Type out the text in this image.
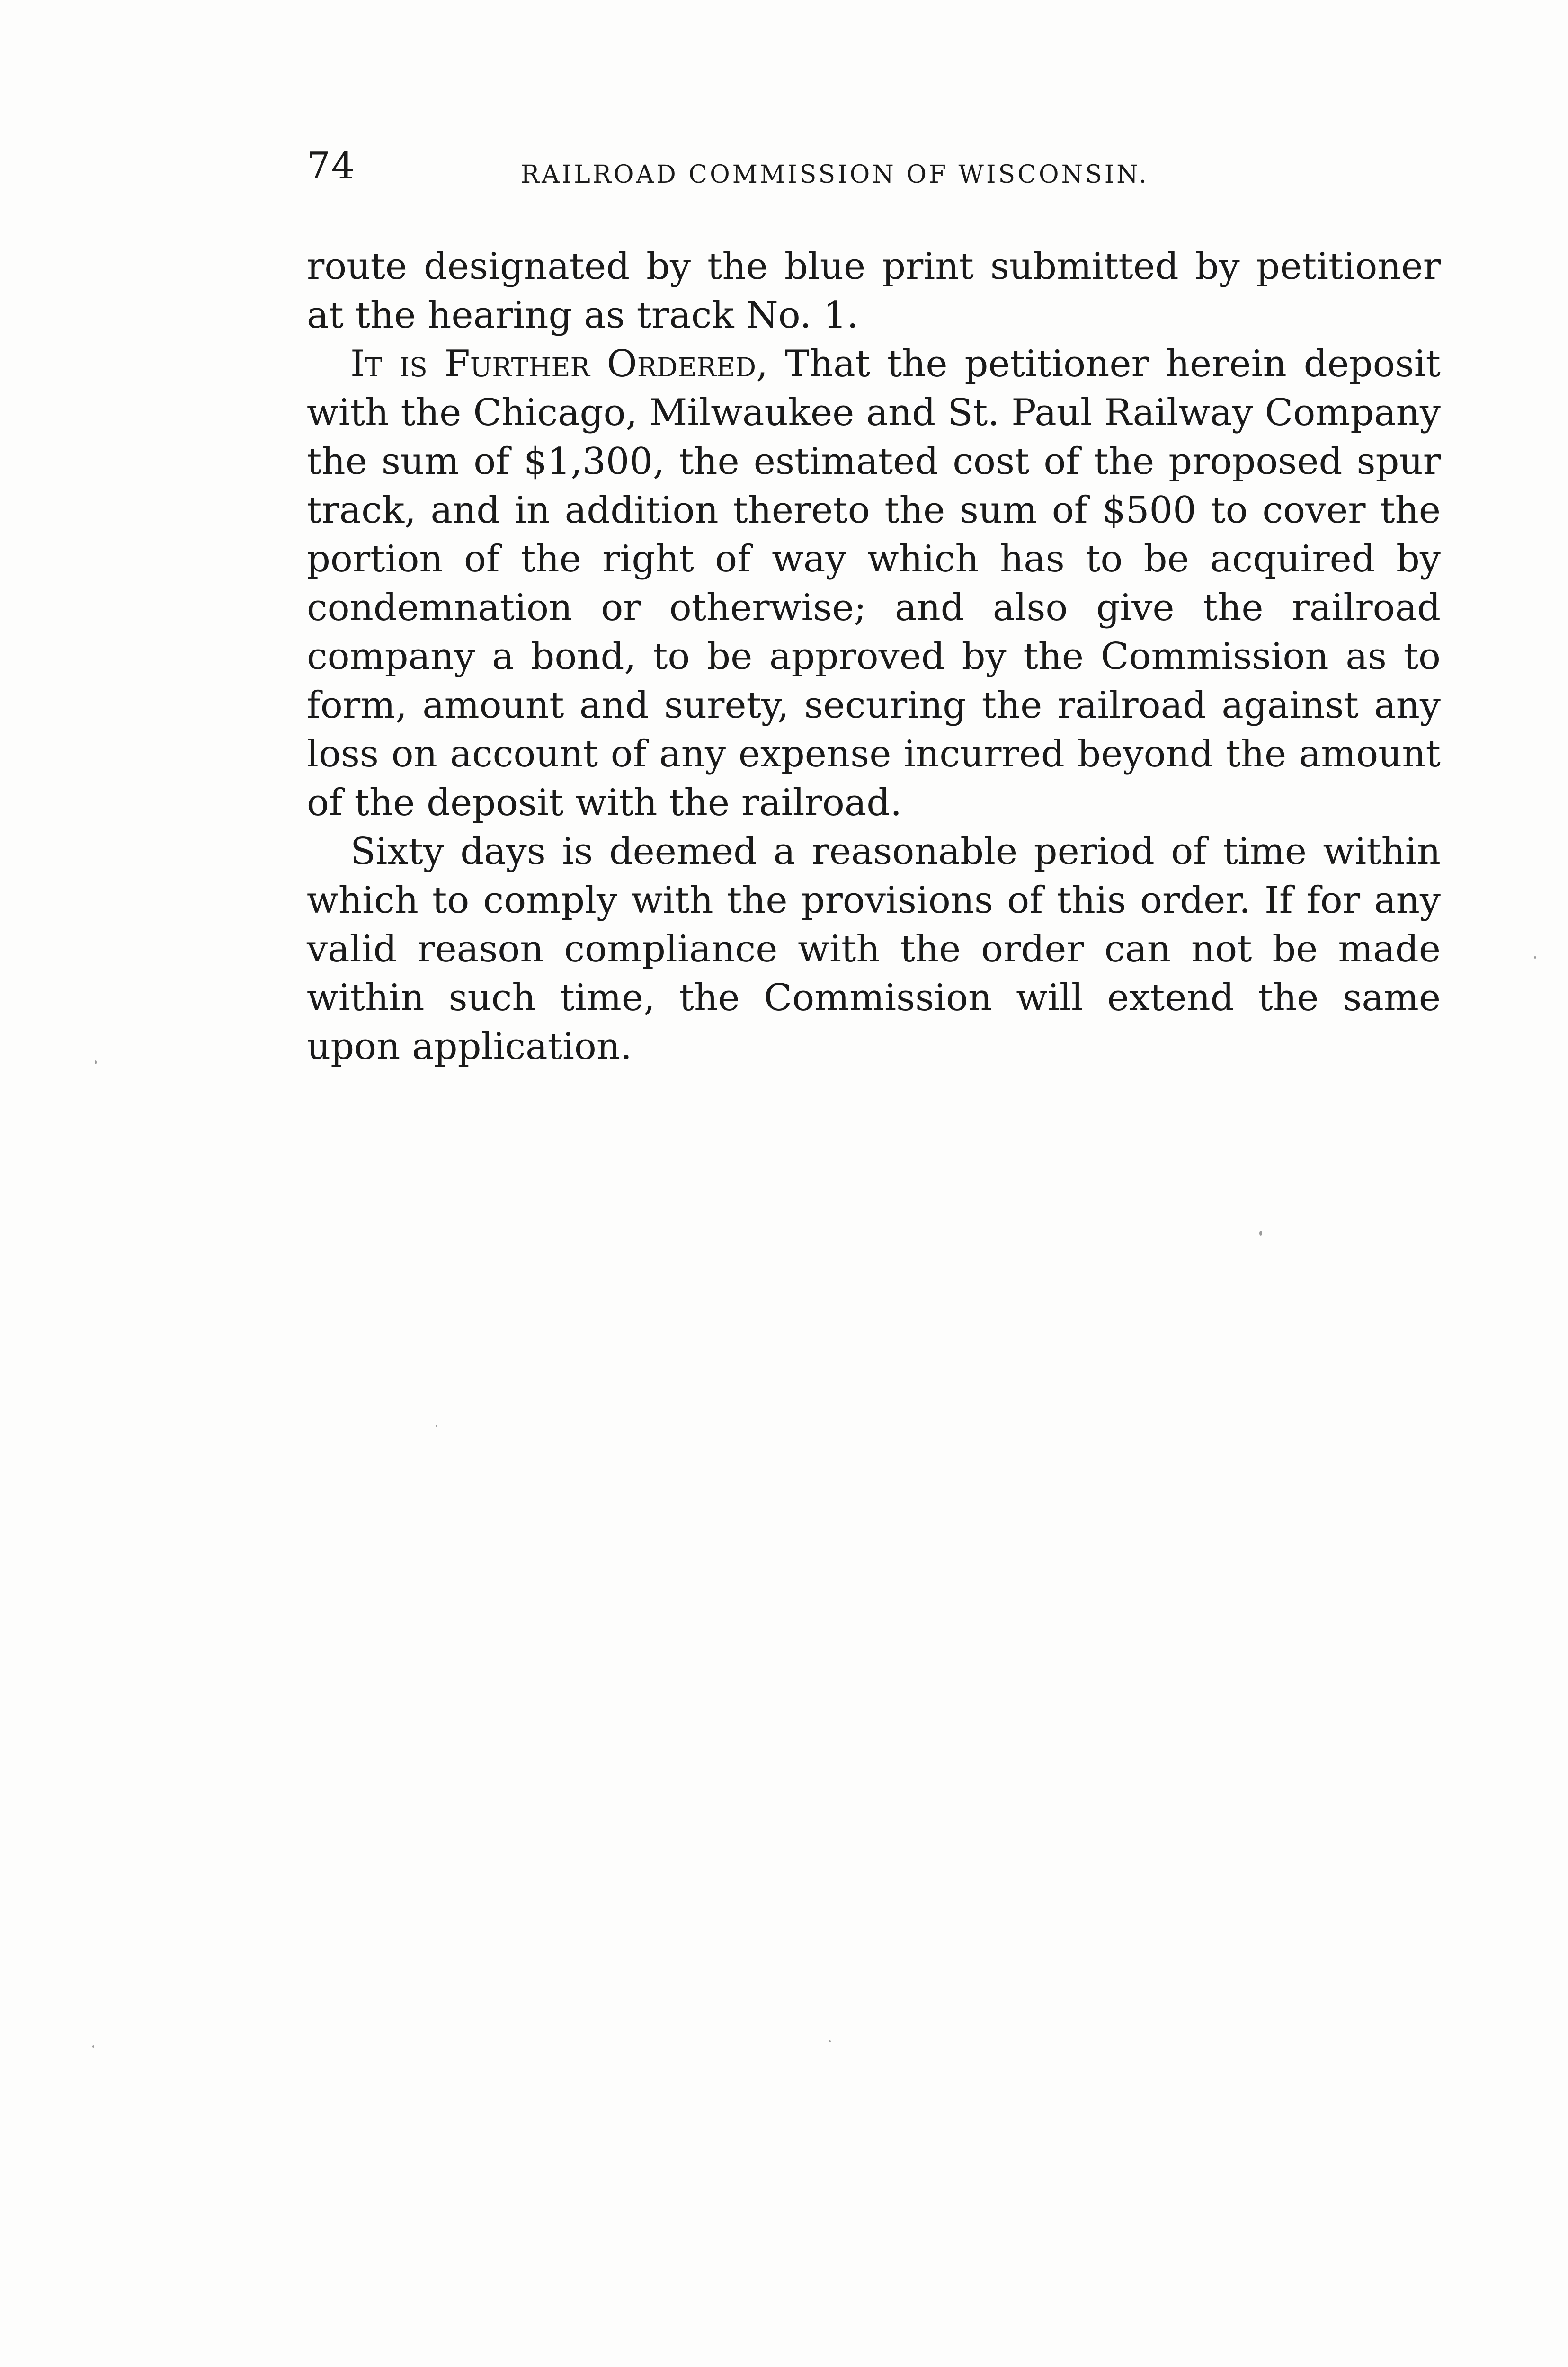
74	RAILROAD COMMISSION OF WISCONSIN.

route designated by the blue print submitted by petitioner at the hearing as track No. 1.

It is Further Ordered, That the petitioner herein deposit with the Chicago, Milwaukee and St. Paul Railway Company the sum of $1,300, the estimated cost of the proposed spur track, and in addition thereto the sum of $500 to cover the portion of the right of way which has to be acquired by condemnation or otherwise; and also give the railroad company a bond, to be approved by the Commission as to form, amount and surety, securing the railroad against any loss on account of any expense incurred beyond the amount of the deposit with the railroad.

Sixty days is deemed a reasonable period of time within which to comply with the provisions of this order. If for any valid reason compliance with the order can not be made within such time, the Commission will extend the same upon application.
